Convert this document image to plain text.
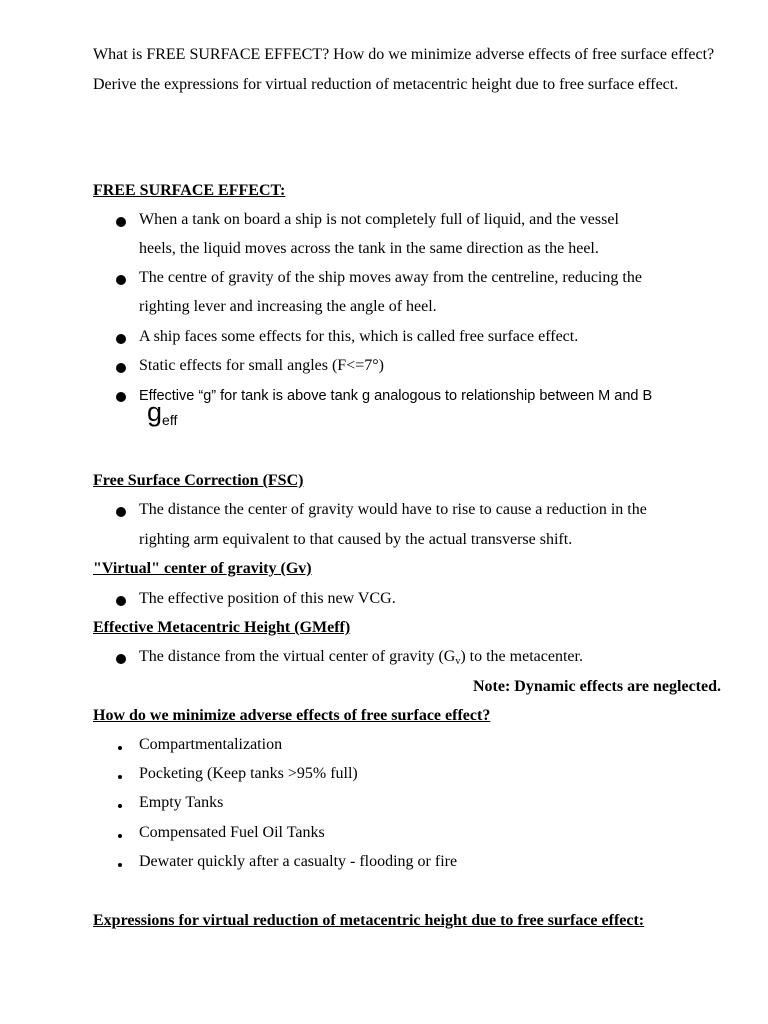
What is FREE SURFACE EFFECT? How do we minimize adverse effects of free surface effect? Derive the expressions for virtual reduction of metacentric height due to free surface effect.
FREE SURFACE EFFECT:
When a tank on board a ship is not completely full of liquid, and the vessel
heels, the liquid moves across the tank in the same direction as the heel.
The centre of gravity of the ship moves away from the centreline, reducing the
righting lever and increasing the angle of heel.
A ship faces some effects for this, which is called free surface effect.
Static effects for small angles (F<=7°)
Effective “g” for tank is above tank g analogous to relationship between M and B
$g_{eff}$
Free Surface Correction (FSC)
The distance the center of gravity would have to rise to cause a reduction in the
righting arm equivalent to that caused by the actual transverse shift.
"Virtual" center of gravity (Gv)
The effective position of this new VCG.
Effective Metacentric Height (GMeff)
The distance from the virtual center of gravity $(G_v)$ to the metacenter.
Note: Dynamic effects are neglected.
How do we minimize adverse effects of free surface effect?
Compartmentalization
Pocketing (Keep tanks >95% full)
Empty Tanks
Compensated Fuel Oil Tanks
Dewater quickly after a casualty - flooding or fire
Expressions for virtual reduction of metacentric height due to free surface effect:
